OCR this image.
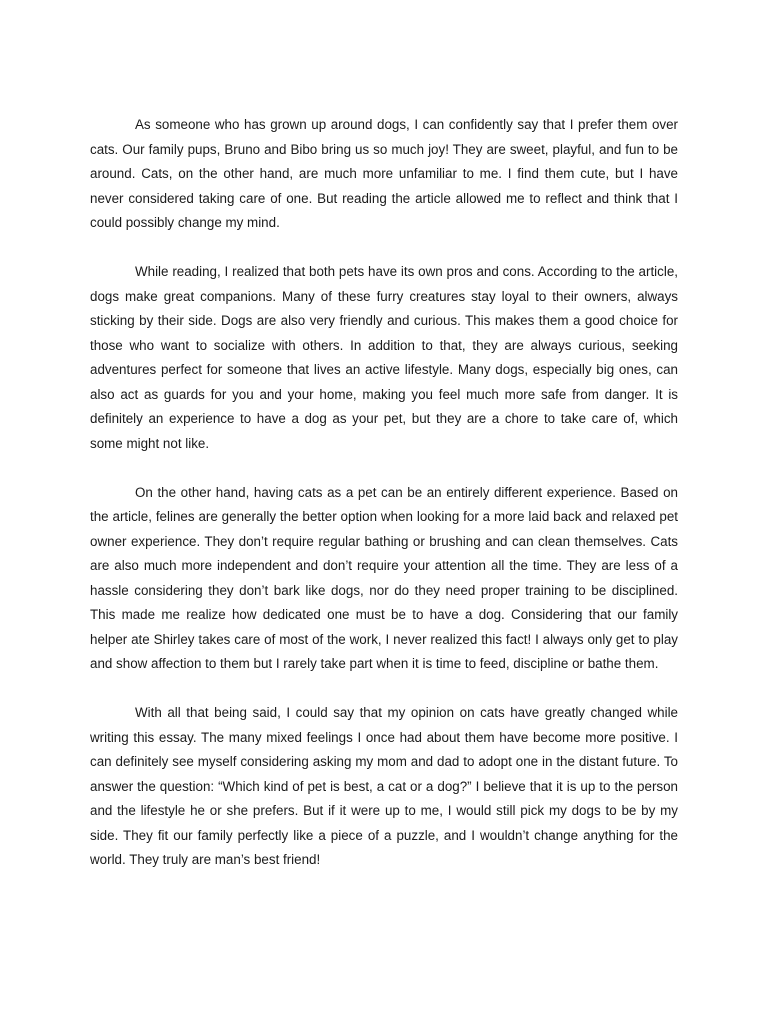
As someone who has grown up around dogs, I can confidently say that I prefer them over cats. Our family pups, Bruno and Bibo bring us so much joy! They are sweet, playful, and fun to be around. Cats, on the other hand, are much more unfamiliar to me. I find them cute, but I have never considered taking care of one. But reading the article allowed me to reflect and think that I could possibly change my mind.

While reading, I realized that both pets have its own pros and cons. According to the article, dogs make great companions. Many of these furry creatures stay loyal to their owners, always sticking by their side. Dogs are also very friendly and curious. This makes them a good choice for those who want to socialize with others. In addition to that, they are always curious, seeking adventures perfect for someone that lives an active lifestyle. Many dogs, especially big ones, can also act as guards for you and your home, making you feel much more safe from danger. It is definitely an experience to have a dog as your pet, but they are a chore to take care of, which some might not like.

On the other hand, having cats as a pet can be an entirely different experience. Based on the article, felines are generally the better option when looking for a more laid back and relaxed pet owner experience. They don’t require regular bathing or brushing and can clean themselves. Cats are also much more independent and don’t require your attention all the time. They are less of a hassle considering they don’t bark like dogs, nor do they need proper training to be disciplined. This made me realize how dedicated one must be to have a dog. Considering that our family helper ate Shirley takes care of most of the work, I never realized this fact! I always only get to play and show affection to them but I rarely take part when it is time to feed, discipline or bathe them.

With all that being said, I could say that my opinion on cats have greatly changed while writing this essay. The many mixed feelings I once had about them have become more positive. I can definitely see myself considering asking my mom and dad to adopt one in the distant future. To answer the question: “Which kind of pet is best, a cat or a dog?” I believe that it is up to the person and the lifestyle he or she prefers. But if it were up to me, I would still pick my dogs to be by my side. They fit our family perfectly like a piece of a puzzle, and I wouldn’t change anything for the world. They truly are man’s best friend!
